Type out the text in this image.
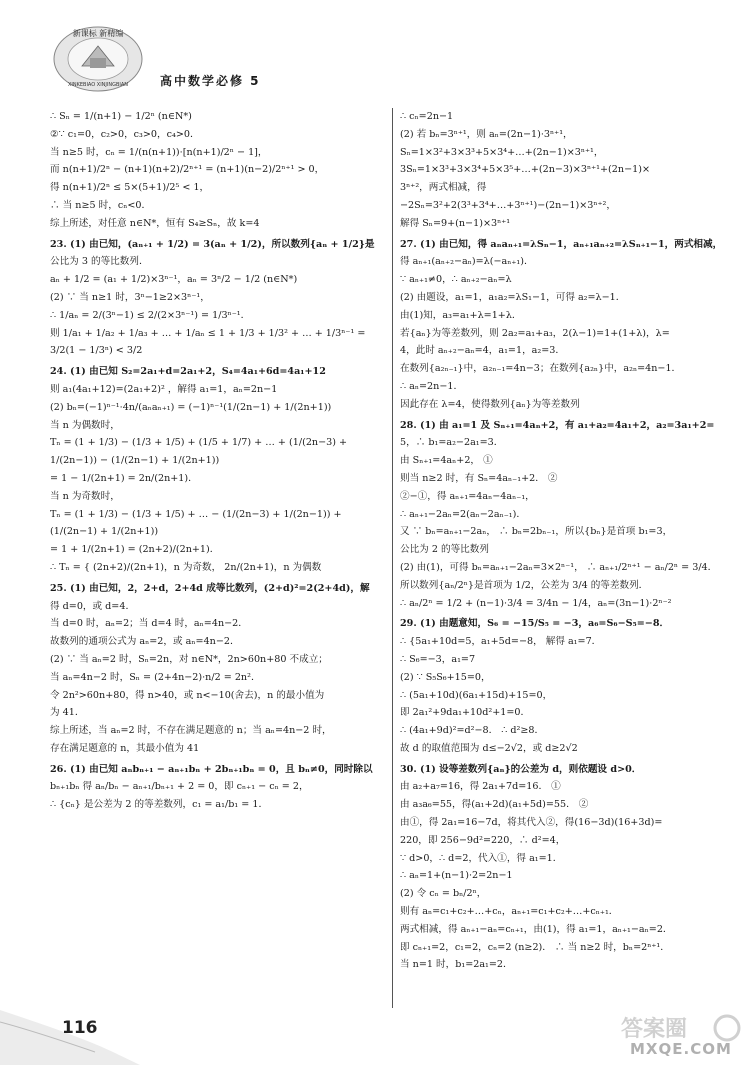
新课标 新精编
XINKEBIAO XINJINGBIAN	高中数学必修 5

∴ Sₙ = 1/(n+1) − 1/2ⁿ (n∈N*)

②∵ c₁=0，c₂>0，c₃>0，c₄>0．

当 n≥5 时，cₙ = 1/(n(n+1))·[n(n+1)/2ⁿ − 1]，

而 n(n+1)/2ⁿ − (n+1)(n+2)/2ⁿ⁺¹ = (n+1)(n−2)/2ⁿ⁺¹ > 0，

得 n(n+1)/2ⁿ ≤ 5×(5+1)/2⁵ < 1，

∴ 当 n≥5 时，cₙ<0．

综上所述，对任意 n∈N*，恒有 S₄≥Sₙ，故 k=4

23. (1) 由已知，(aₙ₊₁ + 1/2) = 3(aₙ + 1/2)，所以数列{aₙ + 1/2}是

公比为 3 的等比数列．

aₙ + 1/2 = (a₁ + 1/2)×3ⁿ⁻¹，aₙ = 3ⁿ/2 − 1/2 (n∈N*)

(2) ∵ 当 n≥1 时，3ⁿ−1≥2×3ⁿ⁻¹，

∴ 1/aₙ = 2/(3ⁿ−1) ≤ 2/(2×3ⁿ⁻¹) = 1/3ⁿ⁻¹．

则 1/a₁ + 1/a₂ + 1/a₃ + … + 1/aₙ ≤ 1 + 1/3 + 1/3² + … + 1/3ⁿ⁻¹ =

3/2(1 − 1/3ⁿ) < 3/2

24. (1) 由已知 S₂=2a₁+d=2a₁+2，S₄=4a₁+6d=4a₁+12

则 a₁(4a₁+12)=(2a₁+2)² ，解得 a₁=1，aₙ=2n−1

(2) bₙ=(−1)ⁿ⁻¹·4n/(aₙaₙ₊₁) = (−1)ⁿ⁻¹(1/(2n−1) + 1/(2n+1))

当 n 为偶数时，

Tₙ = (1 + 1/3) − (1/3 + 1/5) + (1/5 + 1/7) + … + (1/(2n−3) +

1/(2n−1)) − (1/(2n−1) + 1/(2n+1))

= 1 − 1/(2n+1) = 2n/(2n+1)．

当 n 为奇数时，

Tₙ = (1 + 1/3) − (1/3 + 1/5) + … − (1/(2n−3) + 1/(2n−1)) +

(1/(2n−1) + 1/(2n+1))

= 1 + 1/(2n+1) = (2n+2)/(2n+1)．

∴ Tₙ = { (2n+2)/(2n+1)，n 为奇数， 2n/(2n+1)，n 为偶数

25. (1) 由已知，2，2+d，2+4d 成等比数列，(2+d)²=2(2+4d)，解

得 d=0，或 d=4．

当 d=0 时，aₙ=2；当 d=4 时，aₙ=4n−2．

故数列的通项公式为 aₙ=2，或 aₙ=4n−2．

(2) ∵ 当 aₙ=2 时，Sₙ=2n，对 n∈N*，2n>60n+80 不成立；

当 aₙ=4n−2 时，Sₙ = (2+4n−2)·n/2 = 2n²．

令 2n²>60n+80，得 n>40，或 n<−10(舍去)，n 的最小值为

为 41．

综上所述，当 aₙ=2 时，不存在满足题意的 n；当 aₙ=4n−2 时，

存在满足题意的 n，其最小值为 41

26. (1) 由已知 aₙbₙ₊₁ − aₙ₊₁bₙ + 2bₙ₊₁bₙ = 0，且 bₙ≠0，同时除以

bₙ₊₁bₙ 得 aₙ/bₙ − aₙ₊₁/bₙ₊₁ + 2 = 0，即 cₙ₊₁ − cₙ = 2，

∴ {cₙ} 是公差为 2 的等差数列，c₁ = a₁/b₁ = 1．

∴ cₙ=2n−1

(2) 若 bₙ=3ⁿ⁺¹，则 aₙ=(2n−1)·3ⁿ⁺¹，

Sₙ=1×3²+3×3³+5×3⁴+…+(2n−1)×3ⁿ⁺¹，

3Sₙ=1×3³+3×3⁴+5×3⁵+…+(2n−3)×3ⁿ⁺¹+(2n−1)×

3ⁿ⁺²，两式相减，得

−2Sₙ=3²+2(3³+3⁴+…+3ⁿ⁺¹)−(2n−1)×3ⁿ⁺²，

解得 Sₙ=9+(n−1)×3ⁿ⁺¹

27. (1) 由已知，得 aₙaₙ₊₁=λSₙ−1，aₙ₊₁aₙ₊₂=λSₙ₊₁−1，两式相减，

得 aₙ₊₁(aₙ₊₂−aₙ)=λ(−aₙ₊₁)．

∵ aₙ₊₁≠0，∴ aₙ₊₂−aₙ=λ

(2) 由题设，a₁=1，a₁a₂=λS₁−1，可得 a₂=λ−1．

由(1)知，a₃=a₁+λ=1+λ．

若{aₙ}为等差数列，则 2a₂=a₁+a₃，2(λ−1)=1+(1+λ)，λ=

4，此时 aₙ₊₂−aₙ=4，a₁=1，a₂=3．

在数列{a₂ₙ₋₁}中，a₂ₙ₋₁=4n−3；在数列{a₂ₙ}中，a₂ₙ=4n−1．

∴ aₙ=2n−1．

因此存在 λ=4，使得数列{aₙ}为等差数列

28. (1) 由 a₁=1 及 Sₙ₊₁=4aₙ+2，有 a₁+a₂=4a₁+2，a₂=3a₁+2=

5，∴ b₁=a₂−2a₁=3．

由 Sₙ₊₁=4aₙ+2， ①

则当 n≥2 时，有 Sₙ=4aₙ₋₁+2． ②

②−①，得 aₙ₊₁=4aₙ−4aₙ₋₁，

∴ aₙ₊₁−2aₙ=2(aₙ−2aₙ₋₁)．

又 ∵ bₙ=aₙ₊₁−2aₙ， ∴ bₙ=2bₙ₋₁，所以{bₙ}是首项 b₁=3，

公比为 2 的等比数列

(2) 由(1)，可得 bₙ=aₙ₊₁−2aₙ=3×2ⁿ⁻¹， ∴ aₙ₊₁/2ⁿ⁺¹ − aₙ/2ⁿ = 3/4．

所以数列{aₙ/2ⁿ}是首项为 1/2，公差为 3/4 的等差数列．

∴ aₙ/2ⁿ = 1/2 + (n−1)·3/4 = 3/4n − 1/4，aₙ=(3n−1)·2ⁿ⁻²

29. (1) 由题意知，S₆ = −15/S₅ = −3，a₆=S₆−S₅=−8．

∴ {5a₁+10d=5，a₁+5d=−8， 解得 a₁=7．

∴ S₆=−3，a₁=7

(2) ∵ S₅S₆+15=0，

∴ (5a₁+10d)(6a₁+15d)+15=0，

即 2a₁²+9da₁+10d²+1=0．

∴ (4a₁+9d)²=d²−8． ∴ d²≥8．

故 d 的取值范围为 d≤−2√2，或 d≥2√2

30. (1) 设等差数列{aₙ}的公差为 d，则依题设 d>0．

由 a₂+a₇=16，得 2a₁+7d=16． ①

由 a₃a₆=55，得(a₁+2d)(a₁+5d)=55． ②

由①，得 2a₁=16−7d，将其代入②，得(16−3d)(16+3d)=

220，即 256−9d²=220，∴ d²=4，

∵ d>0，∴ d=2，代入①，得 a₁=1．

∴ aₙ=1+(n−1)·2=2n−1

(2) 令 cₙ = bₙ/2ⁿ，

则有 aₙ=c₁+c₂+…+cₙ，aₙ₊₁=c₁+c₂+…+cₙ₊₁．

两式相减，得 aₙ₊₁−aₙ=cₙ₊₁，由(1)，得 a₁=1，aₙ₊₁−aₙ=2．

即 cₙ₊₁=2，c₁=2，cₙ=2 (n≥2)． ∴ 当 n≥2 时，bₙ=2ⁿ⁺¹．

当 n=1 时，b₁=2a₁=2．

116	答案圈
MXQE.COM
